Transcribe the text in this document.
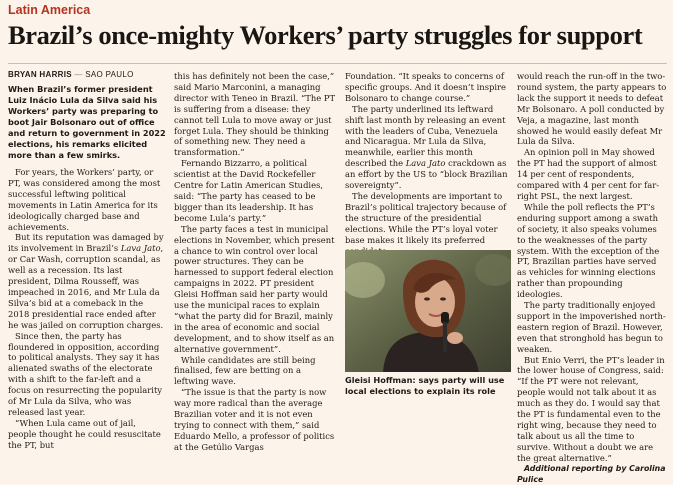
Latin America
Brazil’s once-mighty Workers’ party struggles for support
BRYAN HARRIS — SAO PAULO

When Brazil’s former president Luiz Inácio Lula da Silva said his Workers’ party was preparing to boot Jair Bolsonaro out of office and return to government in 2022 elections, his remarks elicited more than a few smirks.

For years, the Workers’ party, or PT, was considered among the most successful leftwing political movements in Latin America for its ideologically charged base and achievements.

But its reputation was damaged by its involvement in Brazil’s Lava Jato, or Car Wash, corruption scandal, as well as a recession. Its last president, Dilma Rousseff, was impeached in 2016, and Mr Lula da Silva’s bid at a comeback in the 2018 presidential race ended after he was jailed on corruption charges.

Since then, the party has floundered in opposition, according to political analysts. They say it has alienated swaths of the electorate with a shift to the far-left and a focus on resurrecting the popularity of Mr Lula da Silva, who was released last year.

“When Lula came out of jail, people thought he could resuscitate the PT, but

this has definitely not been the case,” said Mario Marconini, a managing director with Teneo in Brazil. “The PT is suffering from a disease: they cannot tell Lula to move away or just forget Lula. They should be thinking of something new. They need a transformation.”

Fernando Bizzarro, a political scientist at the David Rockefeller Centre for Latin American Studies, said: “The party has ceased to be bigger than its leadership. It has become Lula’s party.”

The party faces a test in municipal elections in November, which present a chance to win control over local power structures. They can be harnessed to support federal election campaigns in 2022. PT president Gleisi Hoffman said her party would use the municipal races to explain “what the party did for Brazil, mainly in the area of economic and social development, and to show itself as an alternative government”.

While candidates are still being finalised, few are betting on a leftwing wave.

“The issue is that the party is now way more radical than the average Brazilian voter and it is not even trying to connect with them,” said Eduardo Mello, a professor of politics at the Getúlio Vargas

Foundation. “It speaks to concerns of specific groups. And it doesn’t inspire Bolsonaro to change course.”

The party underlined its leftward shift last month by releasing an event with the leaders of Cuba, Venezuela and Nicaragua. Mr Lula da Silva, meanwhile, earlier this month described the Lava Jato crackdown as an effort by the US to “block Brazilian sovereignty”.

The developments are important to Brazil’s political trajectory because of the structure of the presidential elections. While the PT’s loyal voter base makes it likely its preferred

Gleisi Hoffman: says party will use local elections to explain its role

would reach the run-off in the two-round system, the party appears to lack the support it needs to defeat Mr Bolsonaro. A poll conducted by Veja, a magazine, last month showed he would easily defeat Mr Lula da Silva.

An opinion poll in May showed the PT had the support of almost 14 per cent of respondents, compared with 4 per cent for far-right PSL, the next largest.

While the poll reflects the PT’s enduring support among a swath of society, it also speaks volumes to the weaknesses of the party system. With the exception of the PT, Brazilian parties have served as vehicles for winning elections rather than propounding ideologies.

The party traditionally enjoyed support in the impoverished north-eastern region of Brazil. However, even that stronghold has begun to weaken.

But Enio Verri, the PT’s leader in the lower house of Congress, said: “If the PT were not relevant, people would not talk about it as much as they do. I would say that the PT is fundamental even to the right wing, because they need to talk about us all the time to survive. Without a doubt we are the great alternative.”

Additional reporting by Carolina Pulice
